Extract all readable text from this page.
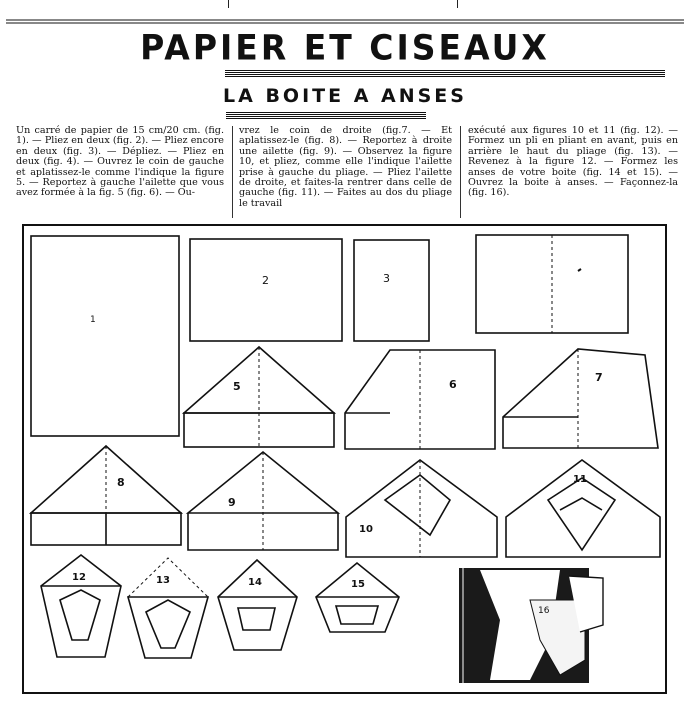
PAPIER ET CISEAUX
LA BOITE A ANSES
Un carré de papier de 15 cm/20 cm. (fig. 1). — Pliez en deux (fig. 2). — Pliez encore en deux (fig. 3). — Dépliez. — Pliez en deux (fig. 4). — Ouvrez le coin de gauche et aplatissez-le comme l'indique la figure 5. — Reportez à gauche l'ailette que vous avez formée à la fig. 5 (fig. 6). — Ou-
vrez le coin de droite (fig.7. — Et aplatissez-le (fig. 8). — Reportez à droite une ailette (fig. 9). — Observez la figure 10, et pliez, comme elle l'indique l'ailette prise à gauche du pliage. — Pliez l'ailette de droite, et faites-la rentrer dans celle de gauche (fig. 11). — Faites au dos du pliage le travail
exécuté aux figures 10 et 11 (fig. 12). — Formez un pli en pliant en avant, puis en arrière le haut du pliage (fig. 13). — Revenez à la figure 12. — Formez les anses de votre boite (fig. 14 et 15). — Ouvrez la boite à anses. — Façonnez-la (fig. 16).
1
2	3
5	6
7
8
9
10
11
12	13	14	15
16
